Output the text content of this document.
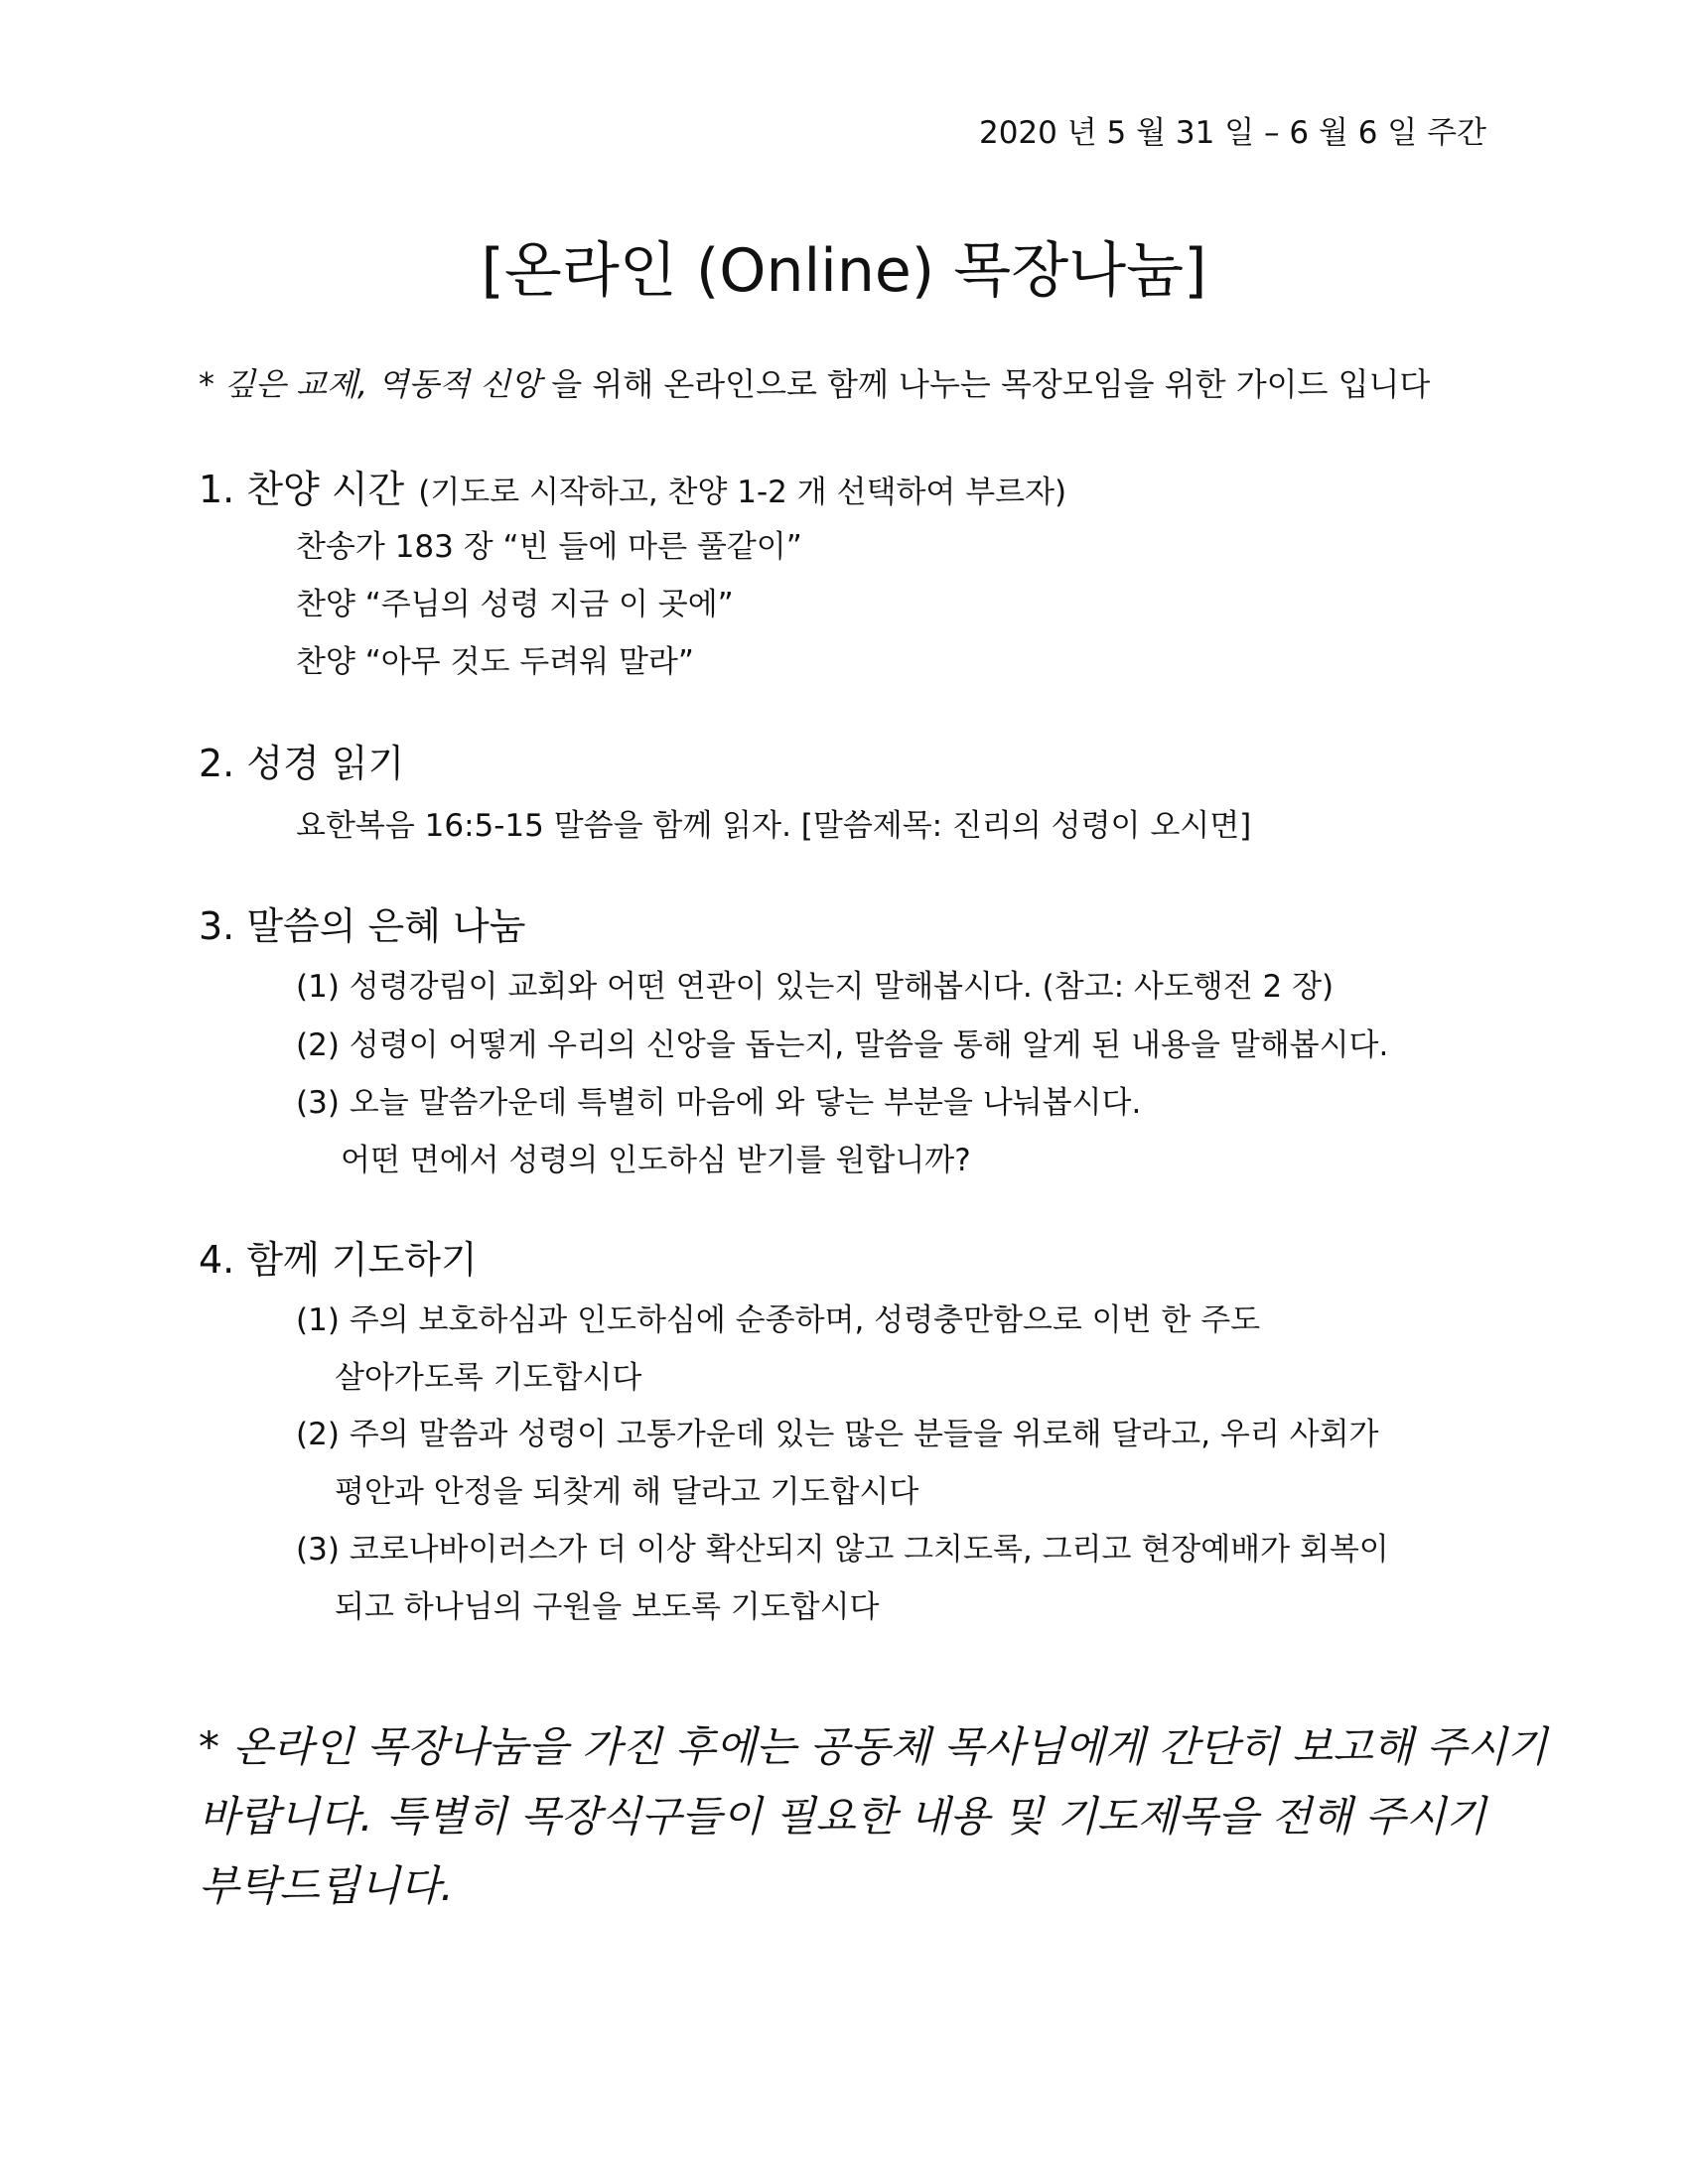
2020 년 5 월 31 일 – 6 월 6 일 주간
[온라인 (Online) 목장나눔]
* 깊은 교제, 역동적 신앙 을 위해 온라인으로 함께 나누는 목장모임을 위한 가이드 입니다
1. 찬양 시간 (기도로 시작하고, 찬양 1-2 개 선택하여 부르자)
찬송가 183 장 “빈 들에 마른 풀같이”
찬양 “주님의 성령 지금 이 곳에”
찬양 “아무 것도 두려워 말라”
2. 성경 읽기
요한복음 16:5-15 말씀을 함께 읽자. [말씀제목: 진리의 성령이 오시면]
3. 말씀의 은혜 나눔
(1) 성령강림이 교회와 어떤 연관이 있는지 말해봅시다. (참고: 사도행전 2 장)
(2) 성령이 어떻게 우리의 신앙을 돕는지, 말씀을 통해 알게 된 내용을 말해봅시다.
(3) 오늘 말씀가운데 특별히 마음에 와 닿는 부분을 나눠봅시다.
어떤 면에서 성령의 인도하심 받기를 원합니까?
4. 함께 기도하기
(1) 주의 보호하심과 인도하심에 순종하며, 성령충만함으로 이번 한 주도
살아가도록 기도합시다
(2) 주의 말씀과 성령이 고통가운데 있는 많은 분들을 위로해 달라고, 우리 사회가
평안과 안정을 되찾게 해 달라고 기도합시다
(3) 코로나바이러스가 더 이상 확산되지 않고 그치도록, 그리고 현장예배가 회복이
되고 하나님의 구원을 보도록 기도합시다
* 온라인 목장나눔을 가진 후에는 공동체 목사님에게 간단히 보고해 주시기
바랍니다. 특별히 목장식구들이 필요한 내용 및 기도제목을 전해 주시기
부탁드립니다.
